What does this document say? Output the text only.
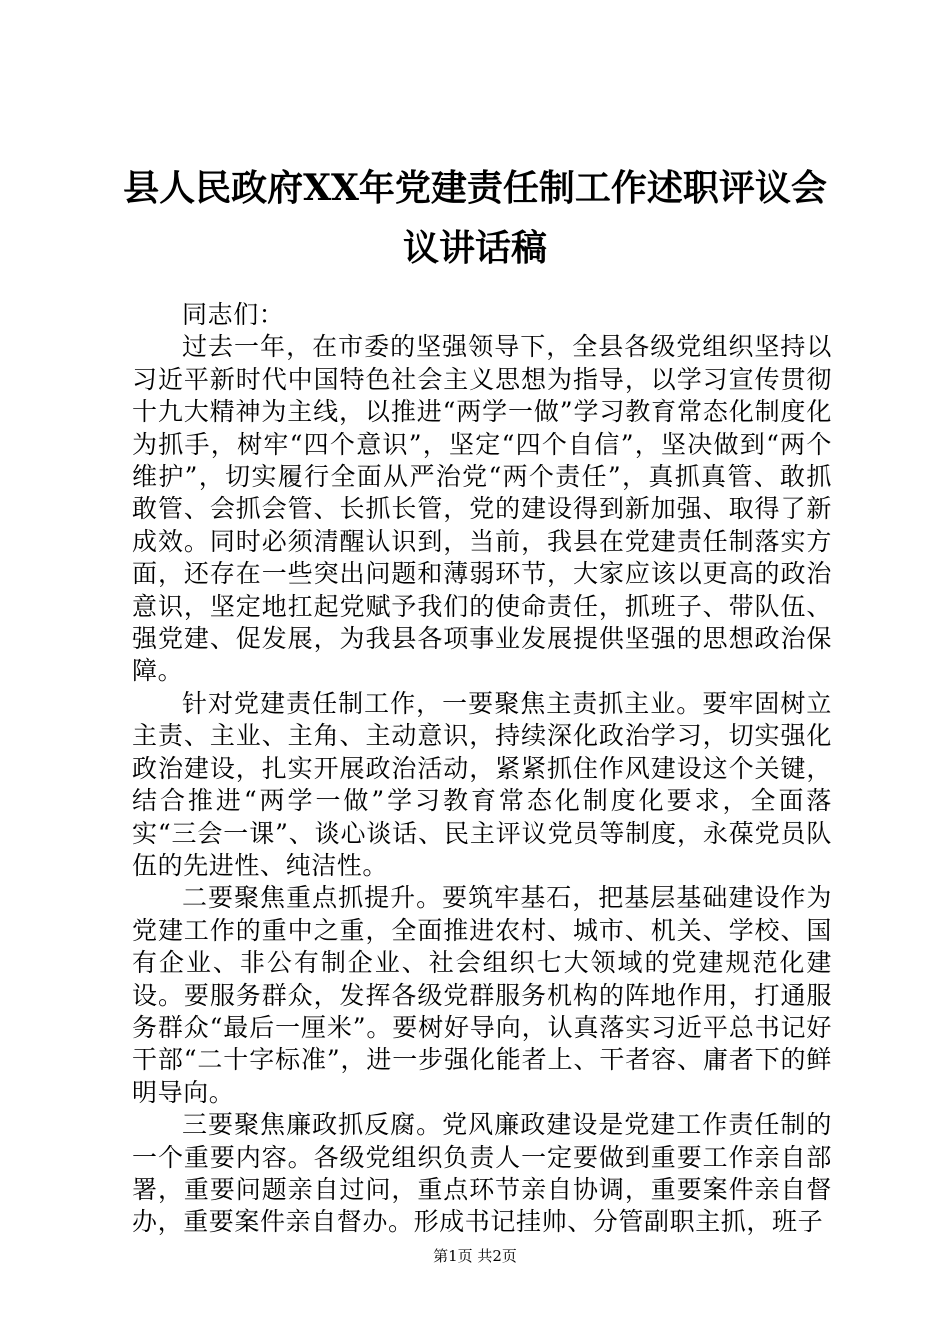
县人民政府XX年党建责任制工作述职评议会议讲话稿

同志们：

过去一年，在市委的坚强领导下，全县各级党组织坚持以习近平新时代中国特色社会主义思想为指导，以学习宣传贯彻十九大精神为主线，以推进“两学一做”学习教育常态化制度化为抓手，树牢“四个意识”，坚定“四个自信”，坚决做到“两个维护”，切实履行全面从严治党“两个责任”，真抓真管、敢抓敢管、会抓会管、长抓长管，党的建设得到新加强、取得了新成效。同时必须清醒认识到，当前，我县在党建责任制落实方面，还存在一些突出问题和薄弱环节，大家应该以更高的政治意识，坚定地扛起党赋予我们的使命责任，抓班子、带队伍、强党建、促发展，为我县各项事业发展提供坚强的思想政治保障。

针对党建责任制工作，一要聚焦主责抓主业。要牢固树立主责、主业、主角、主动意识，持续深化政治学习，切实强化政治建设，扎实开展政治活动，紧紧抓住作风建设这个关键，结合推进“两学一做”学习教育常态化制度化要求，全面落实“三会一课”、谈心谈话、民主评议党员等制度，永葆党员队伍的先进性、纯洁性。

二要聚焦重点抓提升。要筑牢基石，把基层基础建设作为党建工作的重中之重，全面推进农村、城市、机关、学校、国有企业、非公有制企业、社会组织七大领域的党建规范化建设。要服务群众，发挥各级党群服务机构的阵地作用，打通服务群众“最后一厘米”。要树好导向，认真落实习近平总书记好干部“二十字标准”，进一步强化能者上、干者容、庸者下的鲜明导向。

三要聚焦廉政抓反腐。党风廉政建设是党建工作责任制的一个重要内容。各级党组织负责人一定要做到重要工作亲自部署，重要问题亲自过问，重点环节亲自协调，重要案件亲自督办，重要案件亲自督办。形成书记挂帅、分管副职主抓，班子

第1页 共2页
